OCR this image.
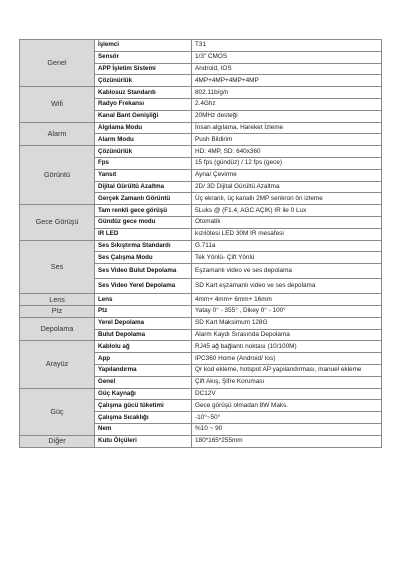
Genel	İşlemci	T31
	Sensör	1/3" CMOS
	APP İşletim Sistemi	Android, IOS
	Çözünürlük	4MP+4MP+4MP+4MP
Wifi	Kablosuz Standardı	802.11b/g/n
	Radyo Frekansı	2.4Ghz
	Kanal Bant Genişliği	20MHz desteği
Alarm	Algılama Modu	İnsan algılama, Hareket İzleme
	Alarm Modu	Push Bildirim
Görüntü	Çözünürlük	HD: 4MP, SD: 640x360
	Fps	15 fps (gündüz) / 12 fps (gece)
	Yansıt	Ayna/ Çevirme
	Dijital Gürültü Azaltma	2D/ 3D Dijital Gürültü Azaltma
	Gerçek Zamanlı Görüntü	Üç ekranlı, üç kanallı 2MP senkron ön izleme
Gece Görüşü	Tam renkli gece görüşü	5Luks @ (F1.4, AGC AÇIK) IR ile 0 Lux
	Gündüz gece modu	Otomatik
	IR LED	kızılötesi LED 30M IR mesafesi
Ses	Ses Sıkıştırma Standardı	G.711a
	Ses Çalışma Modu	Tek Yönlü- Çift Yönlü
	Ses Video Bulut Depolama	Eşzamanlı video ve ses depolama
	Ses Video Yerel Depolama	SD Kart eşzamanlı video ve ses depolama
Lens	Lens	4mm+ 4mm+ 6mm+ 16mm
Ptz	Ptz	Yatay 0° - 355° , Dikey 0° - 100°
Depolama	Yerel Depolama	SD Kart Maksimum 128G
	Bulut Depolama	Alarm Kaydı Sırasında Depolama
Arayüz	Kablolu ağ	RJ45 ağ bağlantı noktası (10/100M)
	App	IPC360 Home (Android/ Ios)
	Yapılandırma	Qr kod ekleme, hotspot AP yapılandırması, manuel ekleme
	Genel	Çift Akış, Şifre Koruması
Güç	Güç Kaynağı	DC12V
	Çalışma gücü tüketimi	Gece görüşü olmadan 8W Maks.
	Çalışma Sıcaklığı	-10°~50°
	Nem	%10 ~ 90
Diğer	Kutu Ölçüleri	180*165*255mm
